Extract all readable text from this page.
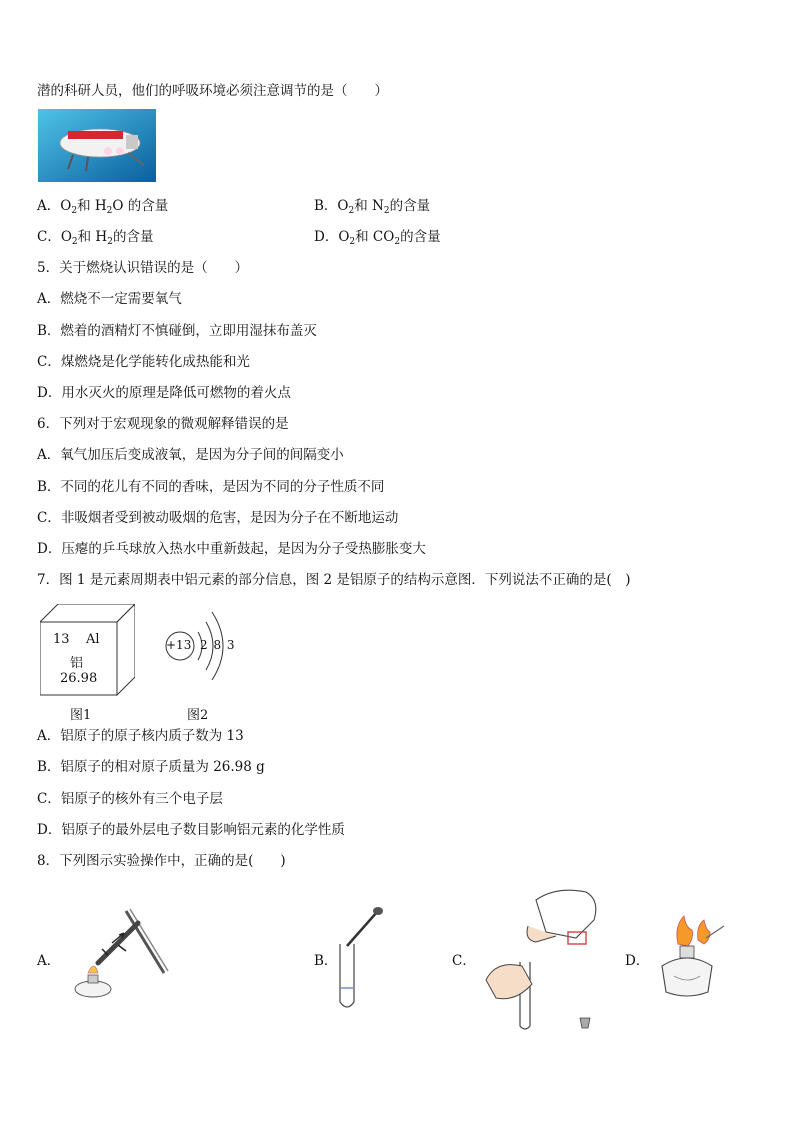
潜的科研人员，他们的呼吸环境必须注意调节的是（　　）
A．$O_2$和 $H_2O$ 的含量	B．$O_2$和 $N_2$的含量
C．$O_2$和 $H_2$的含量	D．$O_2$和 $CO_2$的含量
5．关于燃烧认识错误的是（　　）
A．燃烧不一定需要氧气
B．燃着的酒精灯不慎碰倒，立即用湿抹布盖灭
C．煤燃烧是化学能转化成热能和光
D．用水灭火的原理是降低可燃物的着火点
6．下列对于宏观现象的微观解释错误的是
A．氧气加压后变成液氧，是因为分子间的间隔变小
B．不同的花儿有不同的香味，是因为不同的分子性质不同
C．非吸烟者受到被动吸烟的危害，是因为分子在不断地运动
D．压瘪的乒乓球放入热水中重新鼓起，是因为分子受热膨胀变大
7．图 1 是元素周期表中铝元素的部分信息，图 2 是铝原子的结构示意图．下列说法不正确的是(　)
13 Al
铝
26.98
图1
+13 2 8 3
图2
A．铝原子的原子核内质子数为 13
B．铝原子的相对原子质量为 26.98 g
C．铝原子的核外有三个电子层
D．铝原子的最外层电子数目影响铝元素的化学性质
8．下列图示实验操作中，正确的是(　　)
A．	B．	C．	D．
